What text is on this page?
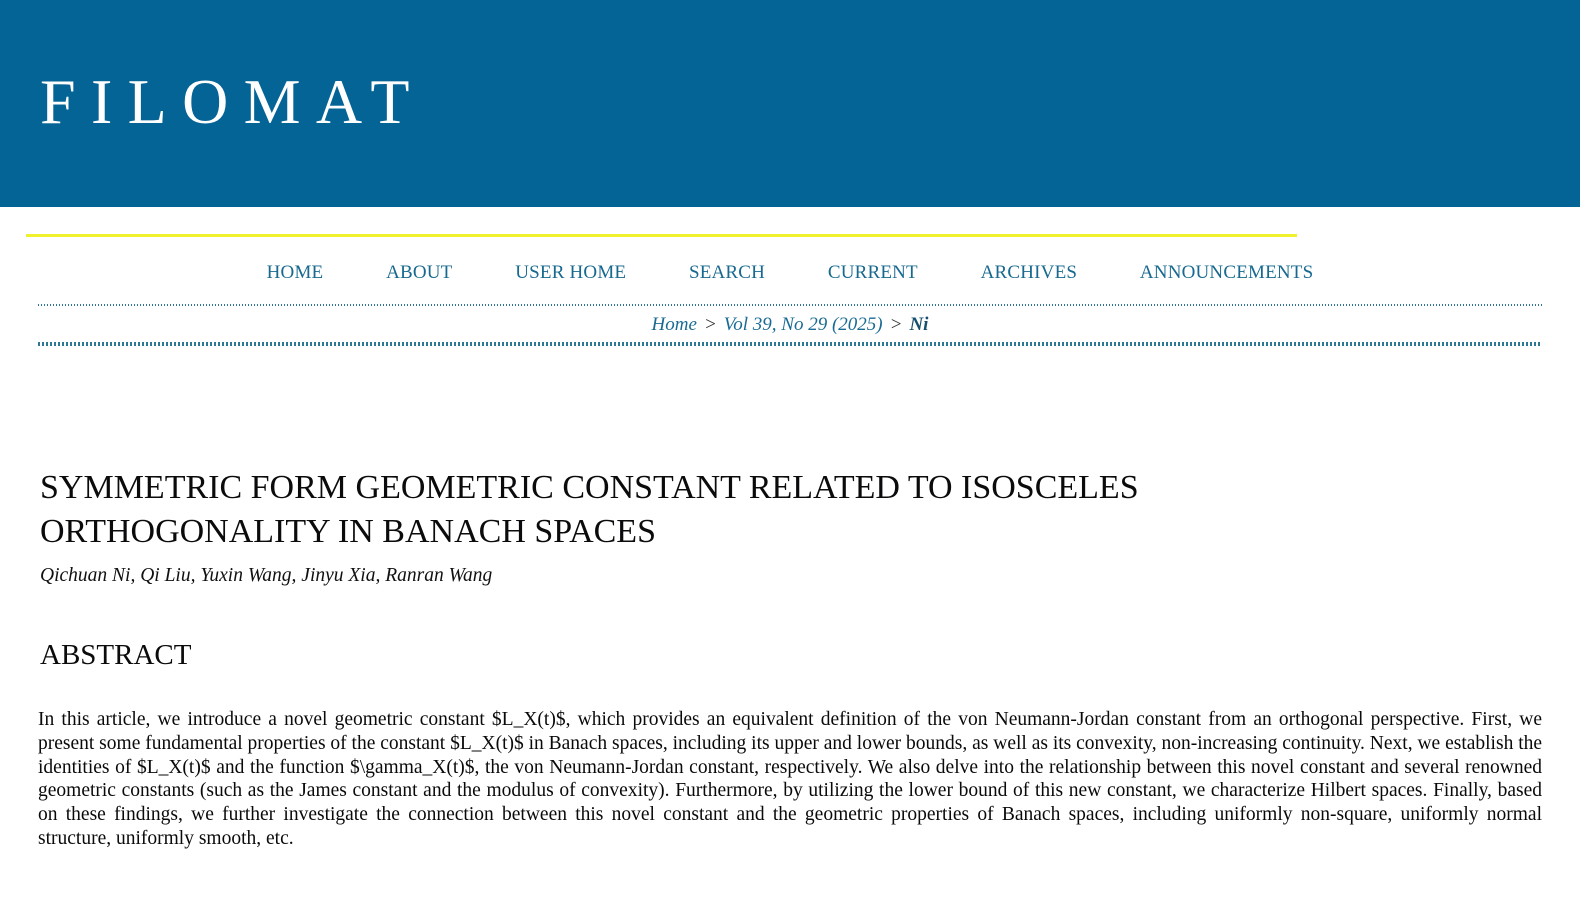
FILOMAT
HOME	ABOUT	USER HOME	SEARCH	CURRENT	ARCHIVES	ANNOUNCEMENTS
Home > Vol 39, No 29 (2025) > Ni
SYMMETRIC FORM GEOMETRIC CONSTANT RELATED TO ISOSCELES ORTHOGONALITY IN BANACH SPACES
Qichuan Ni, Qi Liu, Yuxin Wang, Jinyu Xia, Ranran Wang
ABSTRACT

In this article, we introduce a novel geometric constant $L_X(t)$, which provides an equivalent definition of the von Neumann-Jordan constant from an orthogonal perspective. First, we present some fundamental properties of the constant $L_X(t)$ in Banach spaces, including its upper and lower bounds, as well as its convexity, non-increasing continuity. Next, we establish the identities of $L_X(t)$ and the function $\gamma_X(t)$, the von Neumann-Jordan constant, respectively. We also delve into the relationship between this novel constant and several renowned geometric constants (such as the James constant and the modulus of convexity). Furthermore, by utilizing the lower bound of this new constant, we characterize Hilbert spaces. Finally, based on these findings, we further investigate the connection between this novel constant and the geometric properties of Banach spaces, including uniformly non-square, uniformly normal structure, uniformly smooth, etc.
